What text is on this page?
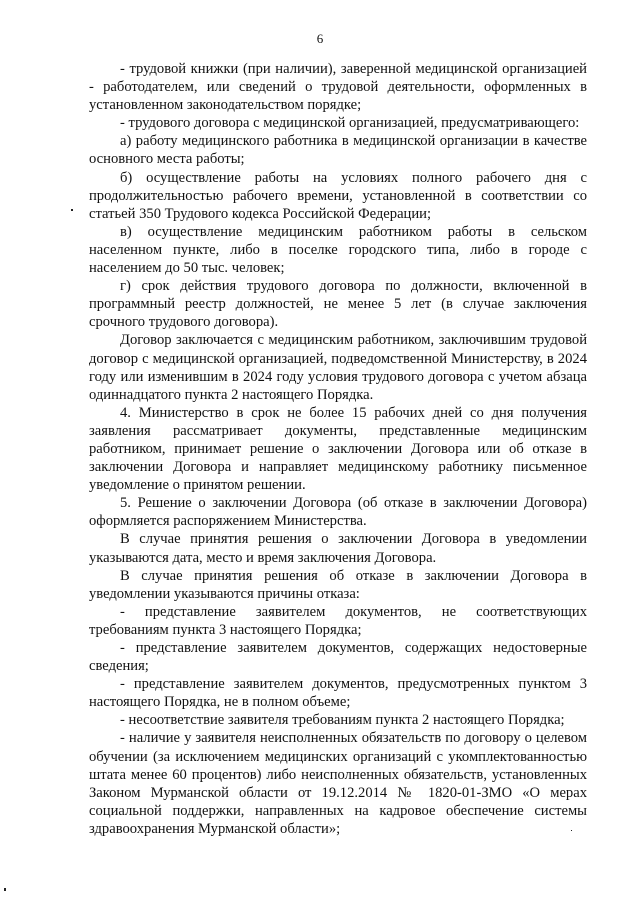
6

- трудовой книжки (при наличии), заверенной медицинской организацией - работодателем, или сведений о трудовой деятельности, оформленных в установленном законодательством порядке;

- трудового договора с медицинской организацией, предусматривающего:

а) работу медицинского работника в медицинской организации в качестве основного места работы;

б) осуществление работы на условиях полного рабочего дня с продолжительностью рабочего времени, установленной в соответствии со статьей 350 Трудового кодекса Российской Федерации;

в) осуществление медицинским работником работы в сельском населенном пункте, либо в поселке городского типа, либо в городе с населением до 50 тыс. человек;

г) срок действия трудового договора по должности, включенной в программный реестр должностей, не менее 5 лет (в случае заключения срочного трудового договора).

Договор заключается с медицинским работником, заключившим трудовой договор с медицинской организацией, подведомственной Министерству, в 2024 году или изменившим в 2024 году условия трудового договора с учетом абзаца одиннадцатого пункта 2 настоящего Порядка.

4. Министерство в срок не более 15 рабочих дней со дня получения заявления рассматривает документы, представленные медицинским работником, принимает решение о заключении Договора или об отказе в заключении Договора и направляет медицинскому работнику письменное уведомление о принятом решении.

5. Решение о заключении Договора (об отказе в заключении Договора) оформляется распоряжением Министерства.

В случае принятия решения о заключении Договора в уведомлении указываются дата, место и время заключения Договора.

В случае принятия решения об отказе в заключении Договора в уведомлении указываются причины отказа:

- представление заявителем документов, не соответствующих требованиям пункта 3 настоящего Порядка;

- представление заявителем документов, содержащих недостоверные сведения;

- представление заявителем документов, предусмотренных пунктом 3 настоящего Порядка, не в полном объеме;

- несоответствие заявителя требованиям пункта 2 настоящего Порядка;

- наличие у заявителя неисполненных обязательств по договору о целевом обучении (за исключением медицинских организаций с укомплектованностью штата менее 60 процентов) либо неисполненных обязательств, установленных Законом Мурманской области от 19.12.2014 № 1820-01-ЗМО «О мерах социальной поддержки, направленных на кадровое обеспечение системы здравоохранения Мурманской области»;
